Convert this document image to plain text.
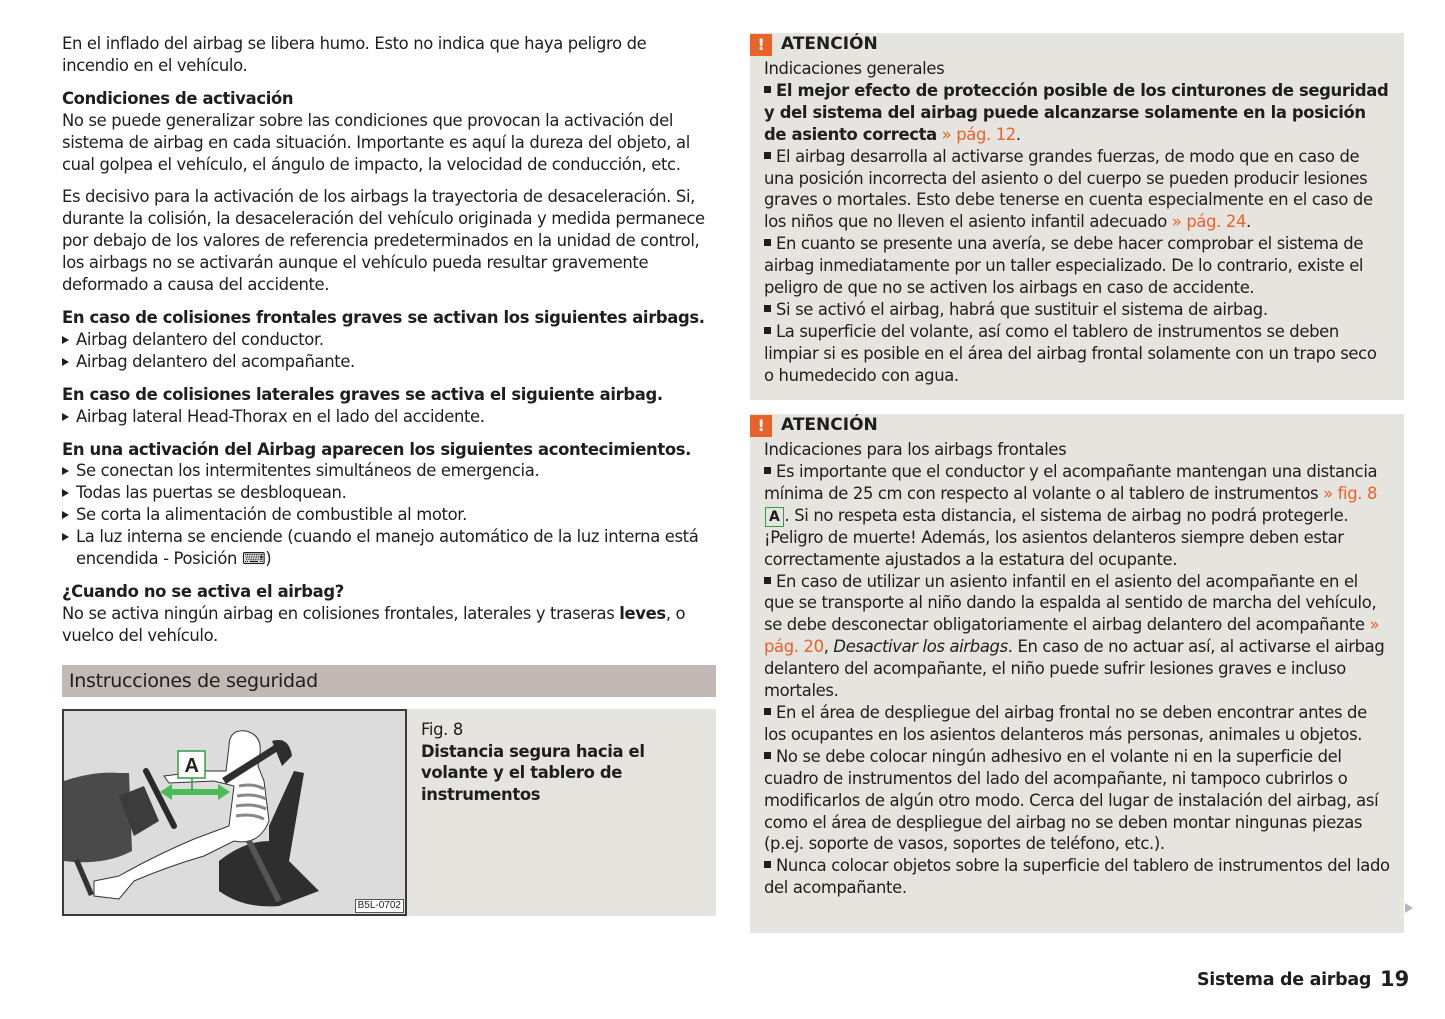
En el inflado del airbag se libera humo. Esto no indica que haya peligro de incendio en el vehículo.

Condiciones de activación

No se puede generalizar sobre las condiciones que provocan la activación del sistema de airbag en cada situación. Importante es aquí la dureza del objeto, al cual golpea el vehículo, el ángulo de impacto, la velocidad de conducción, etc.

Es decisivo para la activación de los airbags la trayectoria de desaceleración. Si, durante la colisión, la desaceleración del vehículo originada y medida permanece por debajo de los valores de referencia predeterminados en la unidad de control, los airbags no se activarán aunque el vehículo pueda resultar gravemente deformado a causa del accidente.

En caso de colisiones frontales graves se activan los siguientes airbags.

Airbag delantero del conductor.
Airbag delantero del acompañante.

En caso de colisiones laterales graves se activa el siguiente airbag.

Airbag lateral Head-Thorax en el lado del accidente.

En una activación del Airbag aparecen los siguientes acontecimientos.

Se conectan los intermitentes simultáneos de emergencia.
Todas las puertas se desbloquean.
Se corta la alimentación de combustible al motor.
La luz interna se enciende (cuando el manejo automático de la luz interna está encendida - Posición ⌨)

¿Cuando no se activa el airbag?

No se activa ningún airbag en colisiones frontales, laterales y traseras leves, o vuelco del vehículo.

Instrucciones de seguridad
A
B5L-0702

Fig. 8

Distancia segura hacia el volante y el tablero de instrumentos

! ATENCIÓN

Indicaciones generales

El mejor efecto de protección posible de los cinturones de seguridad y del sistema del airbag puede alcanzarse solamente en la posición de asiento correcta » pág. 12.

El airbag desarrolla al activarse grandes fuerzas, de modo que en caso de una posición incorrecta del asiento o del cuerpo se pueden producir lesiones graves o mortales. Esto debe tenerse en cuenta especialmente en el caso de los niños que no lleven el asiento infantil adecuado » pág. 24.

En cuanto se presente una avería, se debe hacer comprobar el sistema de airbag inmediatamente por un taller especializado. De lo contrario, existe el peligro de que no se activen los airbags en caso de accidente.

Si se activó el airbag, habrá que sustituir el sistema de airbag.

La superficie del volante, así como el tablero de instrumentos se deben limpiar si es posible en el área del airbag frontal solamente con un trapo seco o humedecido con agua.

! ATENCIÓN

Indicaciones para los airbags frontales

Es importante que el conductor y el acompañante mantengan una distancia mínima de 25 cm con respecto al volante o al tablero de instrumentos » fig. 8 A . Si no respeta esta distancia, el sistema de airbag no podrá protegerle. ¡Peligro de muerte! Además, los asientos delanteros siempre deben estar correctamente ajustados a la estatura del ocupante.

En caso de utilizar un asiento infantil en el asiento del acompañante en el que se transporte al niño dando la espalda al sentido de marcha del vehículo, se debe desconectar obligatoriamente el airbag delantero del acompañante » pág. 20, Desactivar los airbags. En caso de no actuar así, al activarse el airbag delantero del acompañante, el niño puede sufrir lesiones graves e incluso mortales.

En el área de despliegue del airbag frontal no se deben encontrar antes de los ocupantes en los asientos delanteros más personas, animales u objetos.

No se debe colocar ningún adhesivo en el volante ni en la superficie del cuadro de instrumentos del lado del acompañante, ni tampoco cubrirlos o modificarlos de algún otro modo. Cerca del lugar de instalación del airbag, así como el área de despliegue del airbag no se deben montar ningunas piezas (p.ej. soporte de vasos, soportes de teléfono, etc.).

Nunca colocar objetos sobre la superficie del tablero de instrumentos del lado del acompañante.

Sistema de airbag 19
